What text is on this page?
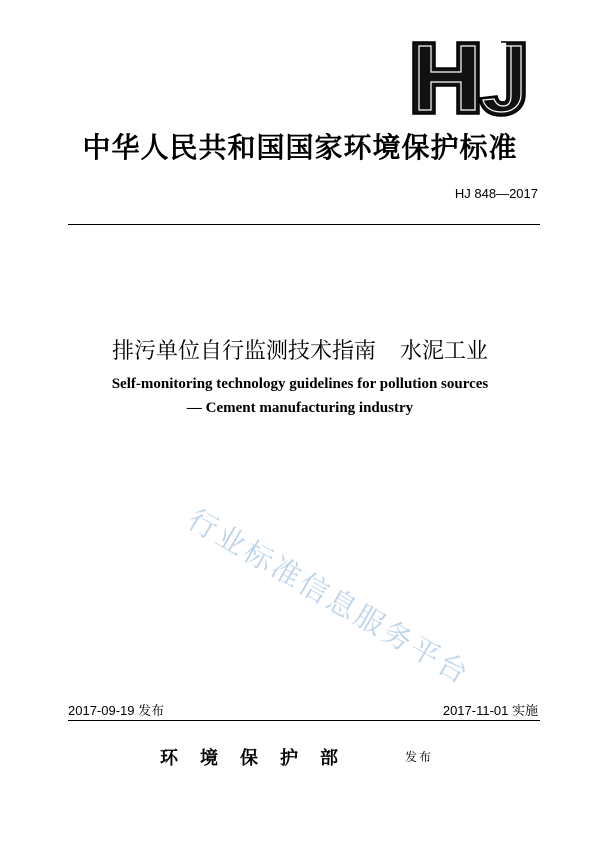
中华人民共和国国家环境保护标准
HJ 848—2017
排污单位自行监测技术指南 水泥工业
Self-monitoring technology guidelines for pollution sources
— Cement manufacturing industry
行业标准信息服务平台
2017-09-19 发布	2017-11-01 实施
环境保护部	发布
